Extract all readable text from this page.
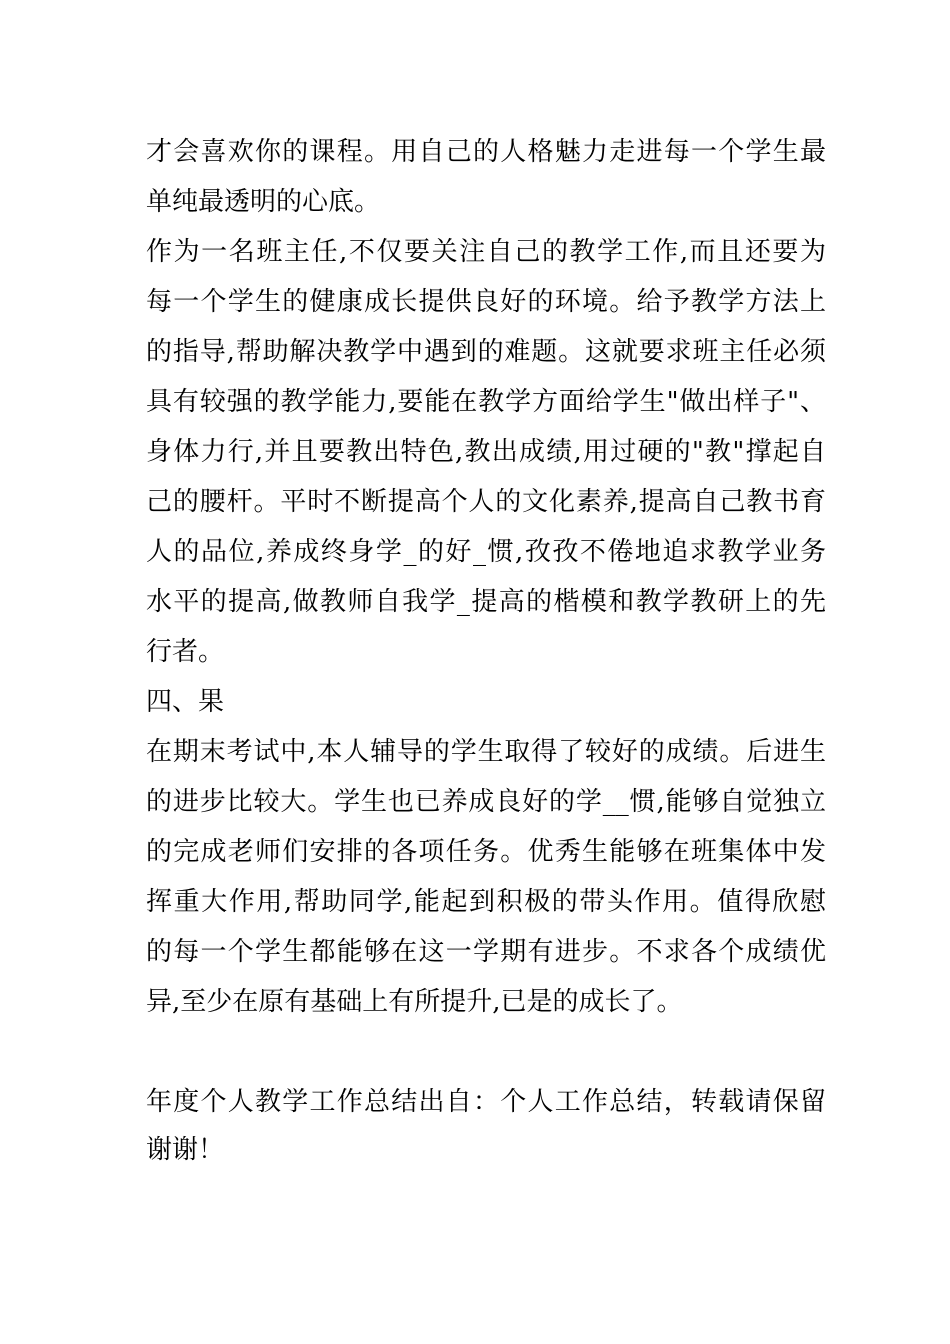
才会喜欢你的课程。用自己的人格魅力走进每一个学生最
单纯最透明的心底。
作为一名班主任,不仅要关注自己的教学工作,而且还要为
每一个学生的健康成长提供良好的环境。给予教学方法上
的指导,帮助解决教学中遇到的难题。这就要求班主任必须
具有较强的教学能力,要能在教学方面给学生"做出样子"、
身体力行,并且要教出特色,教出成绩,用过硬的"教"撑起自
己的腰杆。平时不断提高个人的文化素养,提高自己教书育
人的品位,养成终身学_的好_惯,孜孜不倦地追求教学业务
水平的提高,做教师自我学_提高的楷模和教学教研上的先
行者。
四、果
在期末考试中,本人辅导的学生取得了较好的成绩。后进生
的进步比较大。学生也已养成良好的学__惯,能够自觉独立
的完成老师们安排的各项任务。优秀生能够在班集体中发
挥重大作用,帮助同学,能起到积极的带头作用。值得欣慰
的每一个学生都能够在这一学期有进步。不求各个成绩优
异,至少在原有基础上有所提升,已是的成长了。
年度个人教学工作总结出自：个人工作总结，转载请保留
谢谢！
